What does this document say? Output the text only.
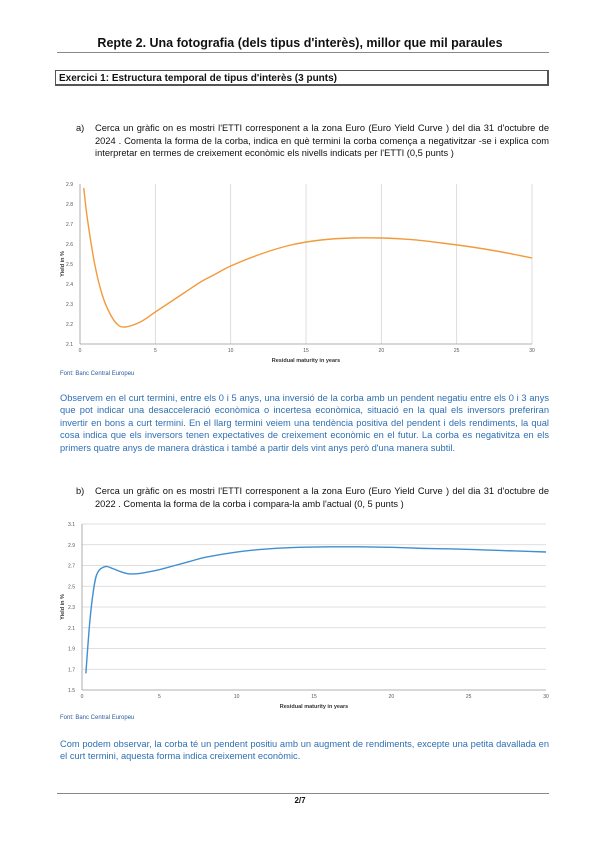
Repte 2. Una fotografia (dels tipus d'interès), millor que mil paraules
Exercici 1: Estructura temporal de tipus d'interès (3 punts)
a) Cerca un gràfic on es mostri l'ETTI corresponent a la zona Euro (Euro Yield Curve ) del dia 31 d'octubre de 2024 . Comenta la forma de la corba, indica en què termini la corba comença a negativitzar -se i explica com interpretar en termes de creixement econòmic els nivells indicats per l'ETTI (0,5 punts )
0	5	10	15	20	25	30
2.1
2.2
2.3
2.4
2.5
2.6
2.7
2.8
2.9
Residual maturity in years
Yield in %
Font: Banc Central Europeu
Observem en el curt termini, entre els 0 i 5 anys, una inversió de la corba amb un pendent negatiu entre els 0 i 3 anys que pot indicar una desacceleració econòmica o incertesa econòmica, situació en la qual els inversors preferiran invertir en bons a curt termini. En el llarg termini veiem una tendència positiva del pendent i dels rendiments, la qual cosa indica que els inversors tenen expectatives de creixement econòmic en el futur. La corba es negativitza en els primers quatre anys de manera dràstica i també a partir dels vint anys però d'una manera subtil.
b) Cerca un gràfic on es mostri l'ETTI corresponent a la zona Euro (Euro Yield Curve ) del dia 31 d'octubre de 2022 . Comenta la forma de la corba i compara-la amb l'actual (0, 5 punts )
0	5	10	15	20	25	30
1.5
1.7
1.9
2.1
2.3
2.5
2.7
2.9
3.1
Residual maturity in years
Yield in %
Font: Banc Central Europeu
Com podem observar, la corba té un pendent positiu amb un augment de rendiments, excepte una petita davallada en el curt termini, aquesta forma indica creixement econòmic.
2/7
